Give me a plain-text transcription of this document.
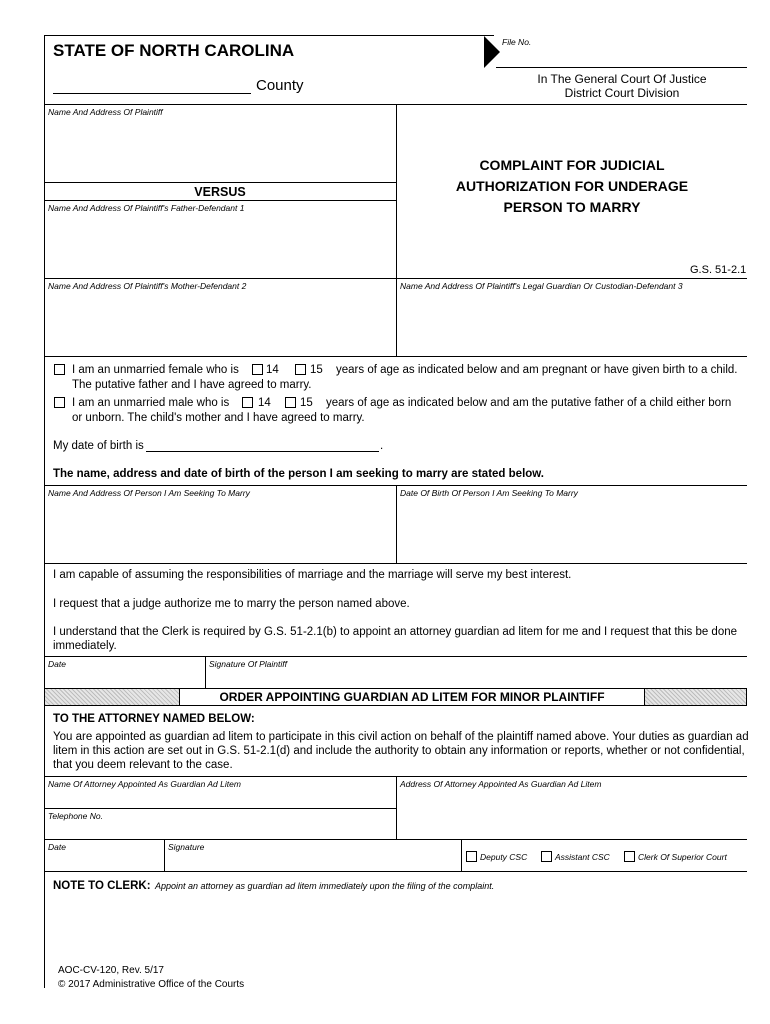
STATE OF NORTH CAROLINA
County
File No.
In The General Court Of Justice
District Court Division
Name And Address Of Plaintiff
VERSUS
Name And Address Of Plaintiff's Father-Defendant 1
Name And Address Of Plaintiff's Mother-Defendant 2	Name And Address Of Plaintiff's Legal Guardian Or Custodian-Defendant 3
COMPLAINT FOR JUDICIAL
AUTHORIZATION FOR UNDERAGE
PERSON TO MARRY
G.S. 51-2.1
I am an unmarried female who is 14	15 years of age as indicated below and am pregnant or have given birth to a child.
The putative father and I have agreed to marry.
I am an unmarried male who is	14	15 years of age as indicated below and am the putative father of a child either born
or unborn. The child's mother and I have agreed to marry.
My date of birth is	.
The name, address and date of birth of the person I am seeking to marry are stated below.
Name And Address Of Person I Am Seeking To Marry	Date Of Birth Of Person I Am Seeking To Marry
I am capable of assuming the responsibilities of marriage and the marriage will serve my best interest.
I request that a judge authorize me to marry the person named above.
I understand that the Clerk is required by G.S. 51-2.1(b) to appoint an attorney guardian ad litem for me and I request that this be done
immediately.
Date	Signature Of Plaintiff
ORDER APPOINTING GUARDIAN AD LITEM FOR MINOR PLAINTIFF
TO THE ATTORNEY NAMED BELOW:
You are appointed as guardian ad litem to participate in this civil action on behalf of the plaintiff named above. Your duties as guardian ad
litem in this action are set out in G.S. 51-2.1(d) and include the authority to obtain any information or reports, whether or not confidential,
that you deem relevant to the case.
Name Of Attorney Appointed As Guardian Ad Litem	Address Of Attorney Appointed As Guardian Ad Litem
Telephone No.
Date	Signature
Deputy CSC	Assistant CSC	Clerk Of Superior Court
NOTE TO CLERK: Appoint an attorney as guardian ad litem immediately upon the filing of the complaint.
AOC-CV-120, Rev. 5/17
© 2017 Administrative Office of the Courts
